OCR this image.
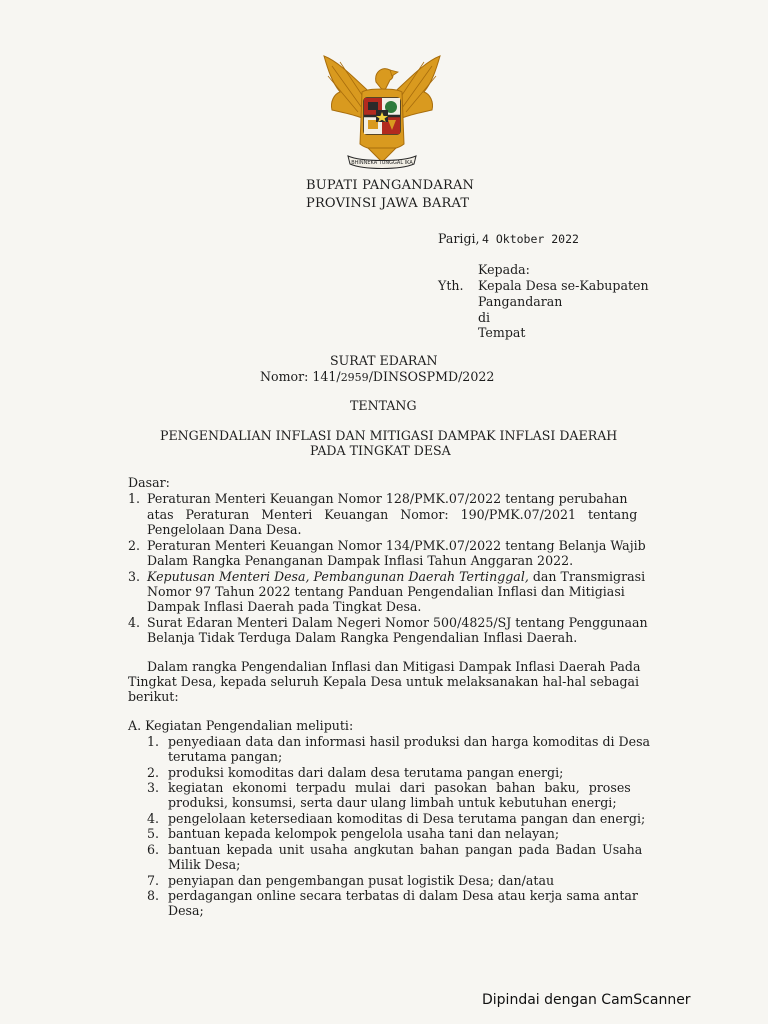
BHINNEKA TUNGGAL IKA
BUPATI PANGANDARAN
PROVINSI JAWA BARAT
Parigi, 4 Oktober 2022
Kepada:
Yth. Kepala Desa se-Kabupaten
Pangandaran
di
Tempat
SURAT EDARAN
Nomor: 141/2959/DINSOSPMD/2022
TENTANG
PENGENDALIAN INFLASI DAN MITIGASI DAMPAK INFLASI DAERAH
PADA TINGKAT DESA
Dasar:
1. Peraturan Menteri Keuangan Nomor 128/PMK.07/2022 tentang perubahan
atas Peraturan Menteri Keuangan Nomor: 190/PMK.07/2021 tentang
Pengelolaan Dana Desa.
2. Peraturan Menteri Keuangan Nomor 134/PMK.07/2022 tentang Belanja Wajib
Dalam Rangka Penanganan Dampak Inflasi Tahun Anggaran 2022.
3. Keputusan Menteri Desa, Pembangunan Daerah Tertinggal, dan Transmigrasi
Nomor 97 Tahun 2022 tentang Panduan Pengendalian Inflasi dan Mitigiasi
Dampak Inflasi Daerah pada Tingkat Desa.
4. Surat Edaran Menteri Dalam Negeri Nomor 500/4825/SJ tentang Penggunaan
Belanja Tidak Terduga Dalam Rangka Pengendalian Inflasi Daerah.
Dalam rangka Pengendalian Inflasi dan Mitigasi Dampak Inflasi Daerah Pada
Tingkat Desa, kepada seluruh Kepala Desa untuk melaksanakan hal-hal sebagai
berikut:
A. Kegiatan Pengendalian meliputi:
1. penyediaan data dan informasi hasil produksi dan harga komoditas di Desa
terutama pangan;
2. produksi komoditas dari dalam desa terutama pangan energi;
3. kegiatan ekonomi terpadu mulai dari pasokan bahan baku, proses
produksi, konsumsi, serta daur ulang limbah untuk kebutuhan energi;
4. pengelolaan ketersediaan komoditas di Desa terutama pangan dan energi;
5. bantuan kepada kelompok pengelola usaha tani dan nelayan;
6. bantuan kepada unit usaha angkutan bahan pangan pada Badan Usaha
Milik Desa;
7. penyiapan dan pengembangan pusat logistik Desa; dan/atau
8. perdagangan online secara terbatas di dalam Desa atau kerja sama antar
Desa;
Dipindai dengan CamScanner
